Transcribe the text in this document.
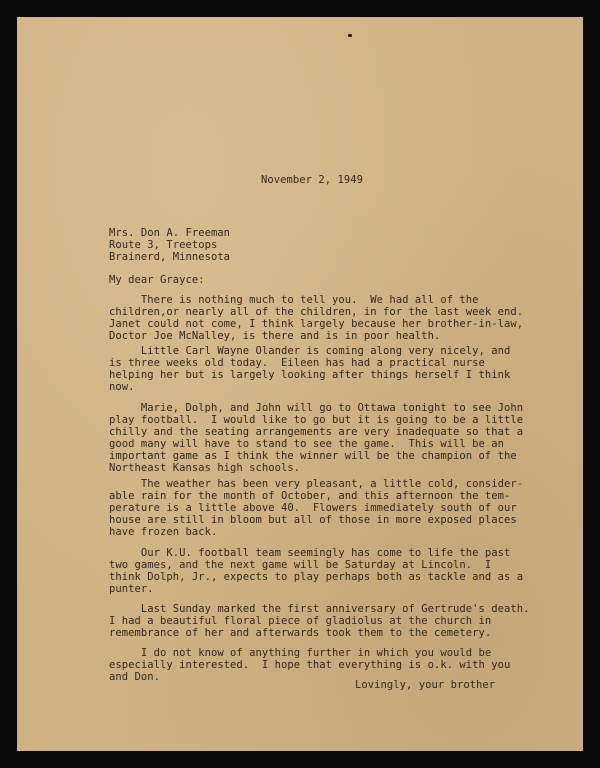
November 2, 1949

Mrs. Don A. Freeman
Route 3, Treetops
Brainerd, Minnesota

My dear Grayce:

There is nothing much to tell you.  We had all of the
children,or nearly all of the children, in for the last week end.
Janet could not come, I think largely because her brother-in-law,
Doctor Joe McNalley, is there and is in poor health.

Little Carl Wayne Olander is coming along very nicely, and
is three weeks old today.  Eileen has had a practical nurse
helping her but is largely looking after things herself I think
now.

Marie, Dolph, and John will go to Ottawa tonight to see John
play football.  I would like to go but it is going to be a little
chilly and the seating arrangements are very inadequate so that a
good many will have to stand to see the game.  This will be an
important game as I think the winner will be the champion of the
Northeast Kansas high schools.

The weather has been very pleasant, a little cold, consider-
able rain for the month of October, and this afternoon the tem-
perature is a little above 40.  Flowers immediately south of our
house are still in bloom but all of those in more exposed places
have frozen back.

Our K.U. football team seemingly has come to life the past
two games, and the next game will be Saturday at Lincoln.  I
think Dolph, Jr., expects to play perhaps both as tackle and as a
punter.

Last Sunday marked the first anniversary of Gertrude's death.
I had a beautiful floral piece of gladiolus at the church in
remembrance of her and afterwards took them to the cemetery.

I do not know of anything further in which you would be
especially interested.  I hope that everything is o.k. with you
and Don.

Lovingly, your brother
